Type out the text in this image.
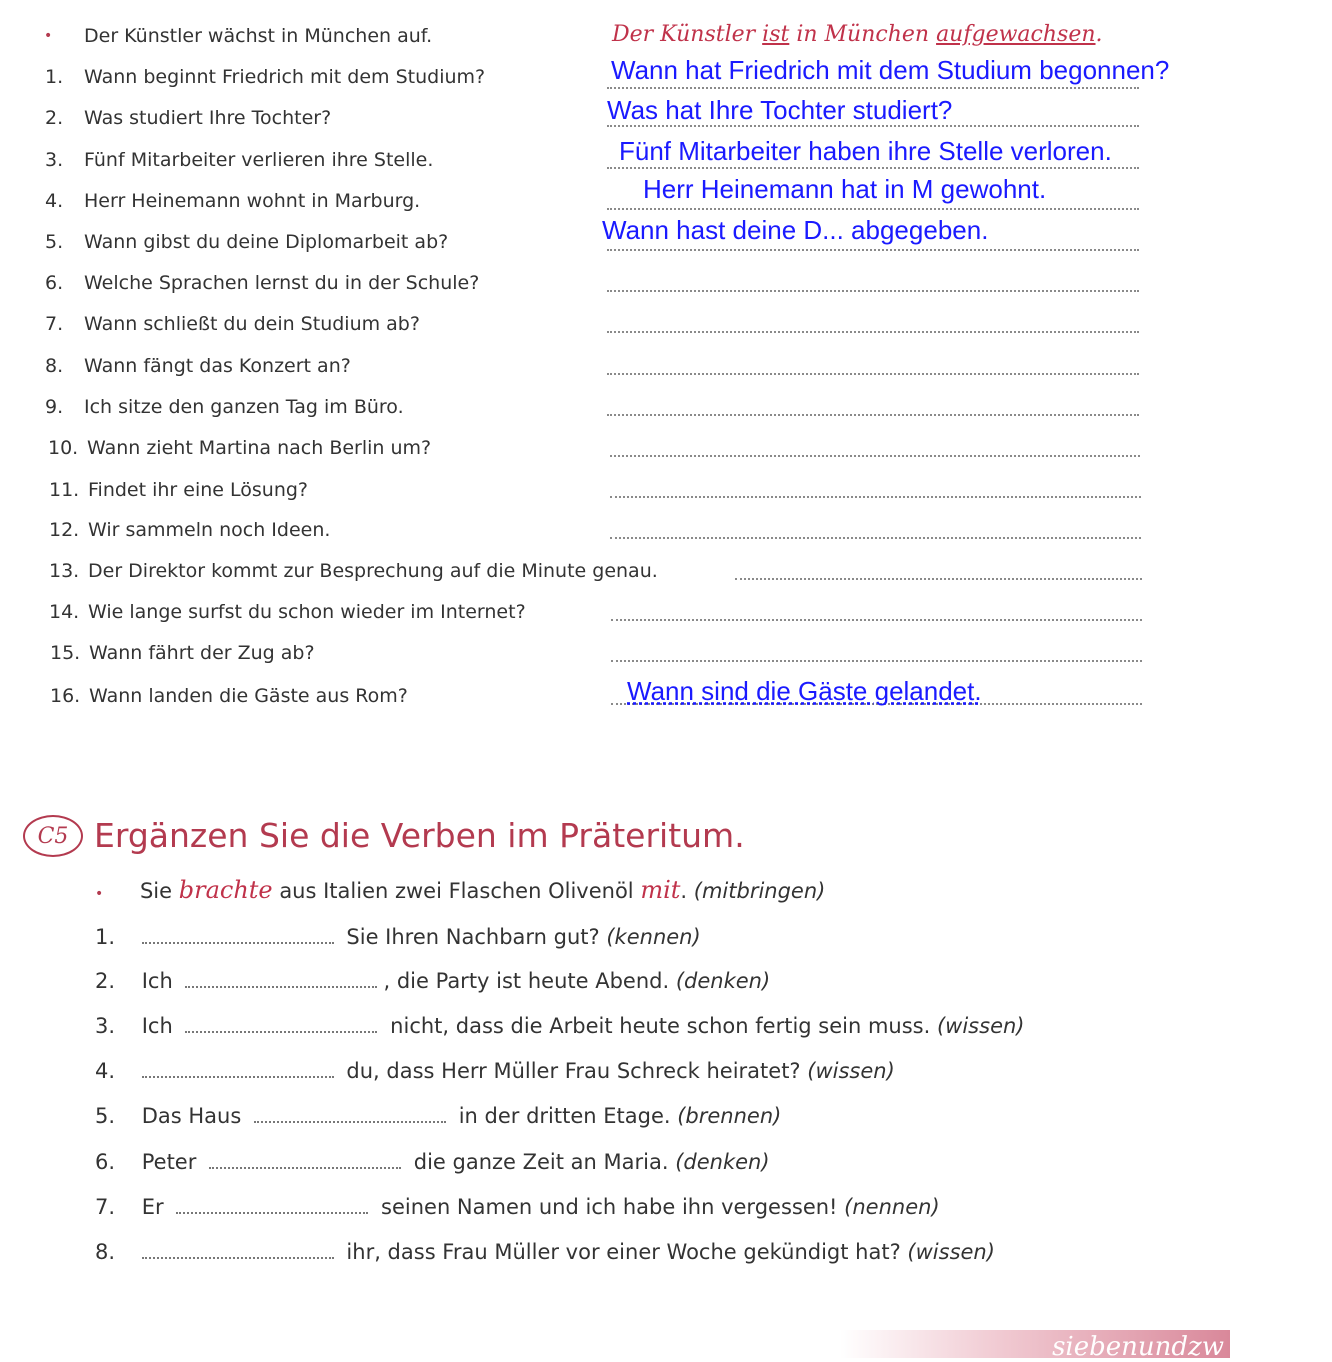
• Der Künstler wächst in München auf.	Der Künstler ist in München aufgewachsen.
1. Wann beginnt Friedrich mit dem Studium?	Wann hat Friedrich mit dem Studium begonnen?
2. Was studiert Ihre Tochter?	Was hat Ihre Tochter studiert?
3. Fünf Mitarbeiter verlieren ihre Stelle.	Fünf Mitarbeiter haben ihre Stelle verloren.
4. Herr Heinemann wohnt in Marburg.	Herr Heinemann hat in M gewohnt.
5. Wann gibst du deine Diplomarbeit ab?	Wann hast deine D... abgegeben.
6. Welche Sprachen lernst du in der Schule?
7. Wann schließt du dein Studium ab?
8. Wann fängt das Konzert an?
9. Ich sitze den ganzen Tag im Büro.
10. Wann zieht Martina nach Berlin um?
11. Findet ihr eine Lösung?
12. Wir sammeln noch Ideen.
13. Der Direktor kommt zur Besprechung auf die Minute genau.
14. Wie lange surfst du schon wieder im Internet?
15. Wann fährt der Zug ab?
16. Wann landen die Gäste aus Rom?	Wann sind die Gäste gelandet.
C5 Ergänzen Sie die Verben im Präteritum.
• Sie brachte aus Italien zwei Flaschen Olivenöl mit. (mitbringen)
1.	Sie Ihren Nachbarn gut? (kennen)
2. Ich	, die Party ist heute Abend. (denken)
3. Ich	nicht, dass die Arbeit heute schon fertig sein muss. (wissen)
4.	du, dass Herr Müller Frau Schreck heiratet? (wissen)
5. Das Haus	in der dritten Etage. (brennen)
6. Peter	die ganze Zeit an Maria. (denken)
7. Er	seinen Namen und ich habe ihn vergessen! (nennen)
8.	ihr, dass Frau Müller vor einer Woche gekündigt hat? (wissen)
siebenundzw
